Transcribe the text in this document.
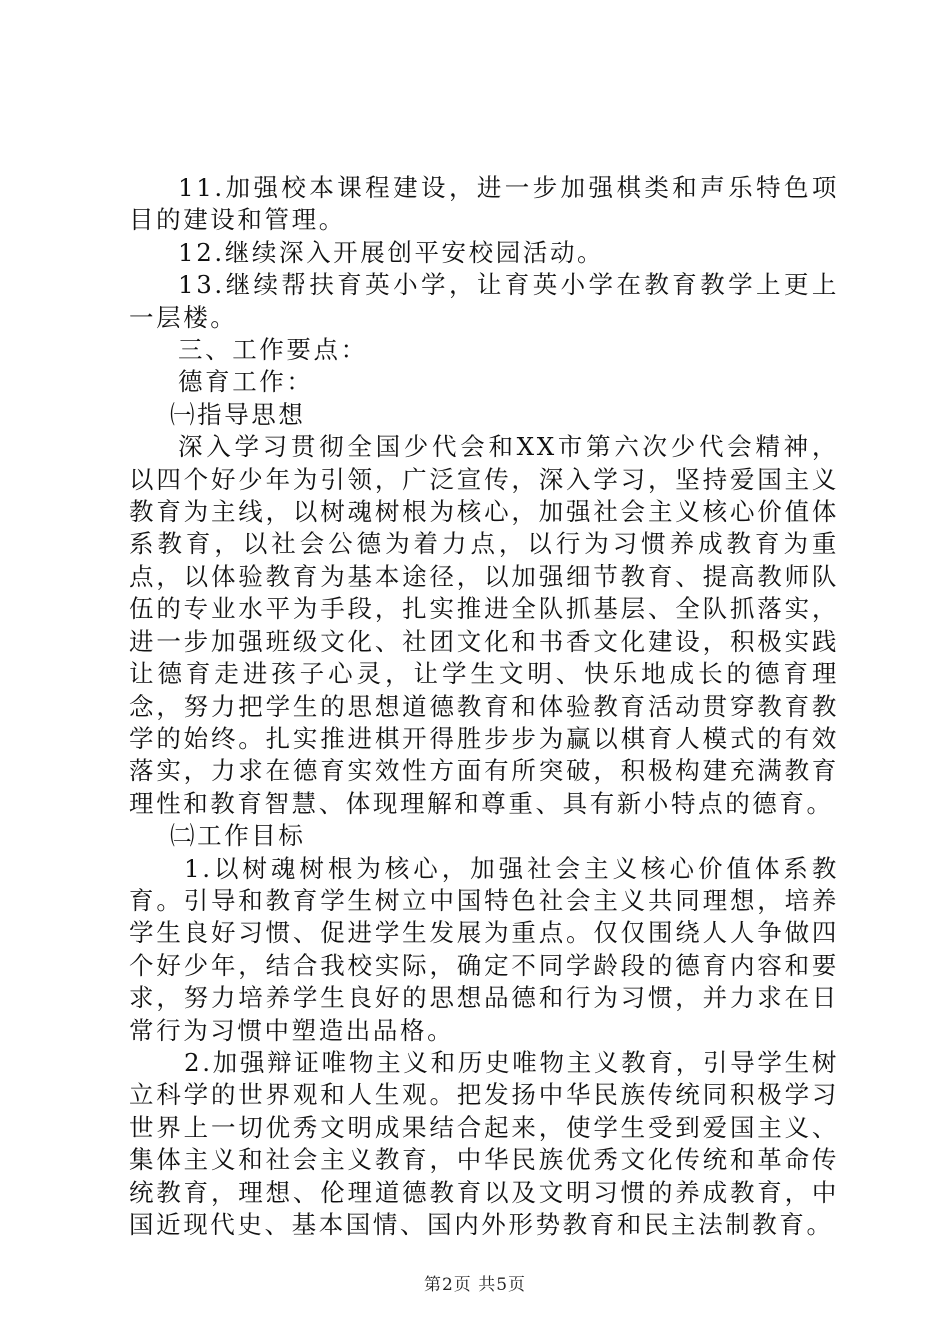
11.加强校本课程建设，进一步加强棋类和声乐特色项目的建设和管理。

12.继续深入开展创平安校园活动。

13.继续帮扶育英小学，让育英小学在教育教学上更上一层楼。

三、工作要点：

德育工作：

㈠指导思想

深入学习贯彻全国少代会和XX市第六次少代会精神，以四个好少年为引领，广泛宣传，深入学习，坚持爱国主义教育为主线，以树魂树根为核心，加强社会主义核心价值体系教育，以社会公德为着力点，以行为习惯养成教育为重点，以体验教育为基本途径，以加强细节教育、提高教师队伍的专业水平为手段，扎实推进全队抓基层、全队抓落实，进一步加强班级文化、社团文化和书香文化建设，积极实践让德育走进孩子心灵，让学生文明、快乐地成长的德育理念，努力把学生的思想道德教育和体验教育活动贯穿教育教学的始终。扎实推进棋开得胜步步为赢以棋育人模式的有效落实，力求在德育实效性方面有所突破，积极构建充满教育理性和教育智慧、体现理解和尊重、具有新小特点的德育。

㈡工作目标

1.以树魂树根为核心，加强社会主义核心价值体系教育。引导和教育学生树立中国特色社会主义共同理想，培养学生良好习惯、促进学生发展为重点。仅仅围绕人人争做四个好少年，结合我校实际，确定不同学龄段的德育内容和要求，努力培养学生良好的思想品德和行为习惯，并力求在日常行为习惯中塑造出品格。

2.加强辩证唯物主义和历史唯物主义教育，引导学生树立科学的世界观和人生观。把发扬中华民族传统同积极学习世界上一切优秀文明成果结合起来，使学生受到爱国主义、集体主义和社会主义教育，中华民族优秀文化传统和革命传统教育，理想、伦理道德教育以及文明习惯的养成教育，中国近现代史、基本国情、国内外形势教育和民主法制教育。

第2页 共5页
